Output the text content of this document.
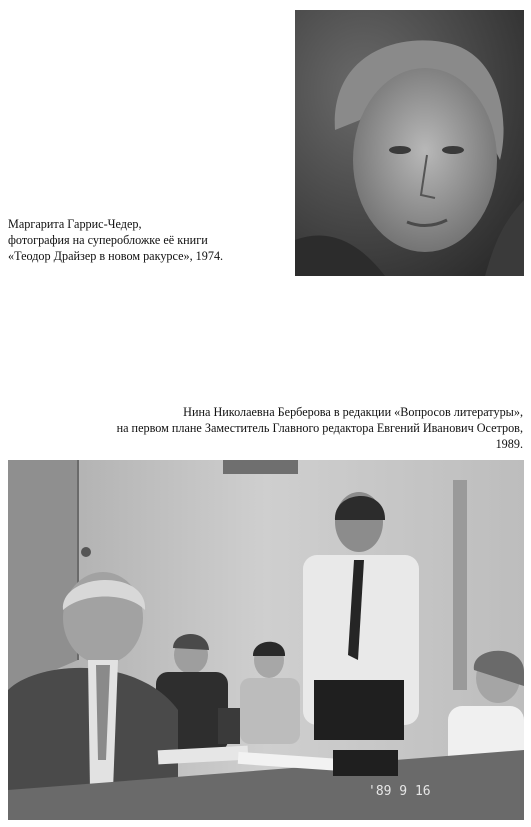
Маргарита Гаррис-Чедер,
фотография на суперобложке её книги
«Теодор Драйзер в новом ракурсе», 1974.
Нина Николаевна Берберова в редакции «Вопросов литературы»,
на первом плане Заместитель Главного редактора Евгений Иванович Осетров,
1989.
'89 9 16
